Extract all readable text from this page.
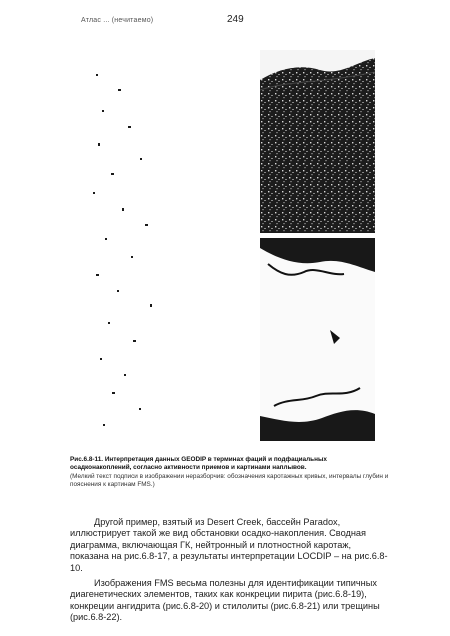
Атлас ... (нечитаемо)	249
Рис.6.8-11. Интерпретация данных GEODIP в терминах фаций и подфациальных осадконакоплений, согласно активности приемов и картинами наплывов.
(Мелкий текст подписи в изображении неразборчив: обозначения каротажных кривых, интервалы глубин и пояснения к картинам FMS.)

Другой пример, взятый из Desert Creek, бассейн Paradox, иллюстрирует такой же вид обстановки осадко-накопления. Сводная диаграмма, включающая ГК, нейтронный и плотностной каротаж, показана на рис.6.8-17, а результаты интерпретации LOCDIP – на рис.6.8-10.

Изображения FMS весьма полезны для идентификации типичных диагенетических элементов, таких как конкреции пирита (рис.6.8-19), конкреции ангидрита (рис.6.8-20) и стилолиты (рис.6.8-21) или трещины (рис.6.8-22).
